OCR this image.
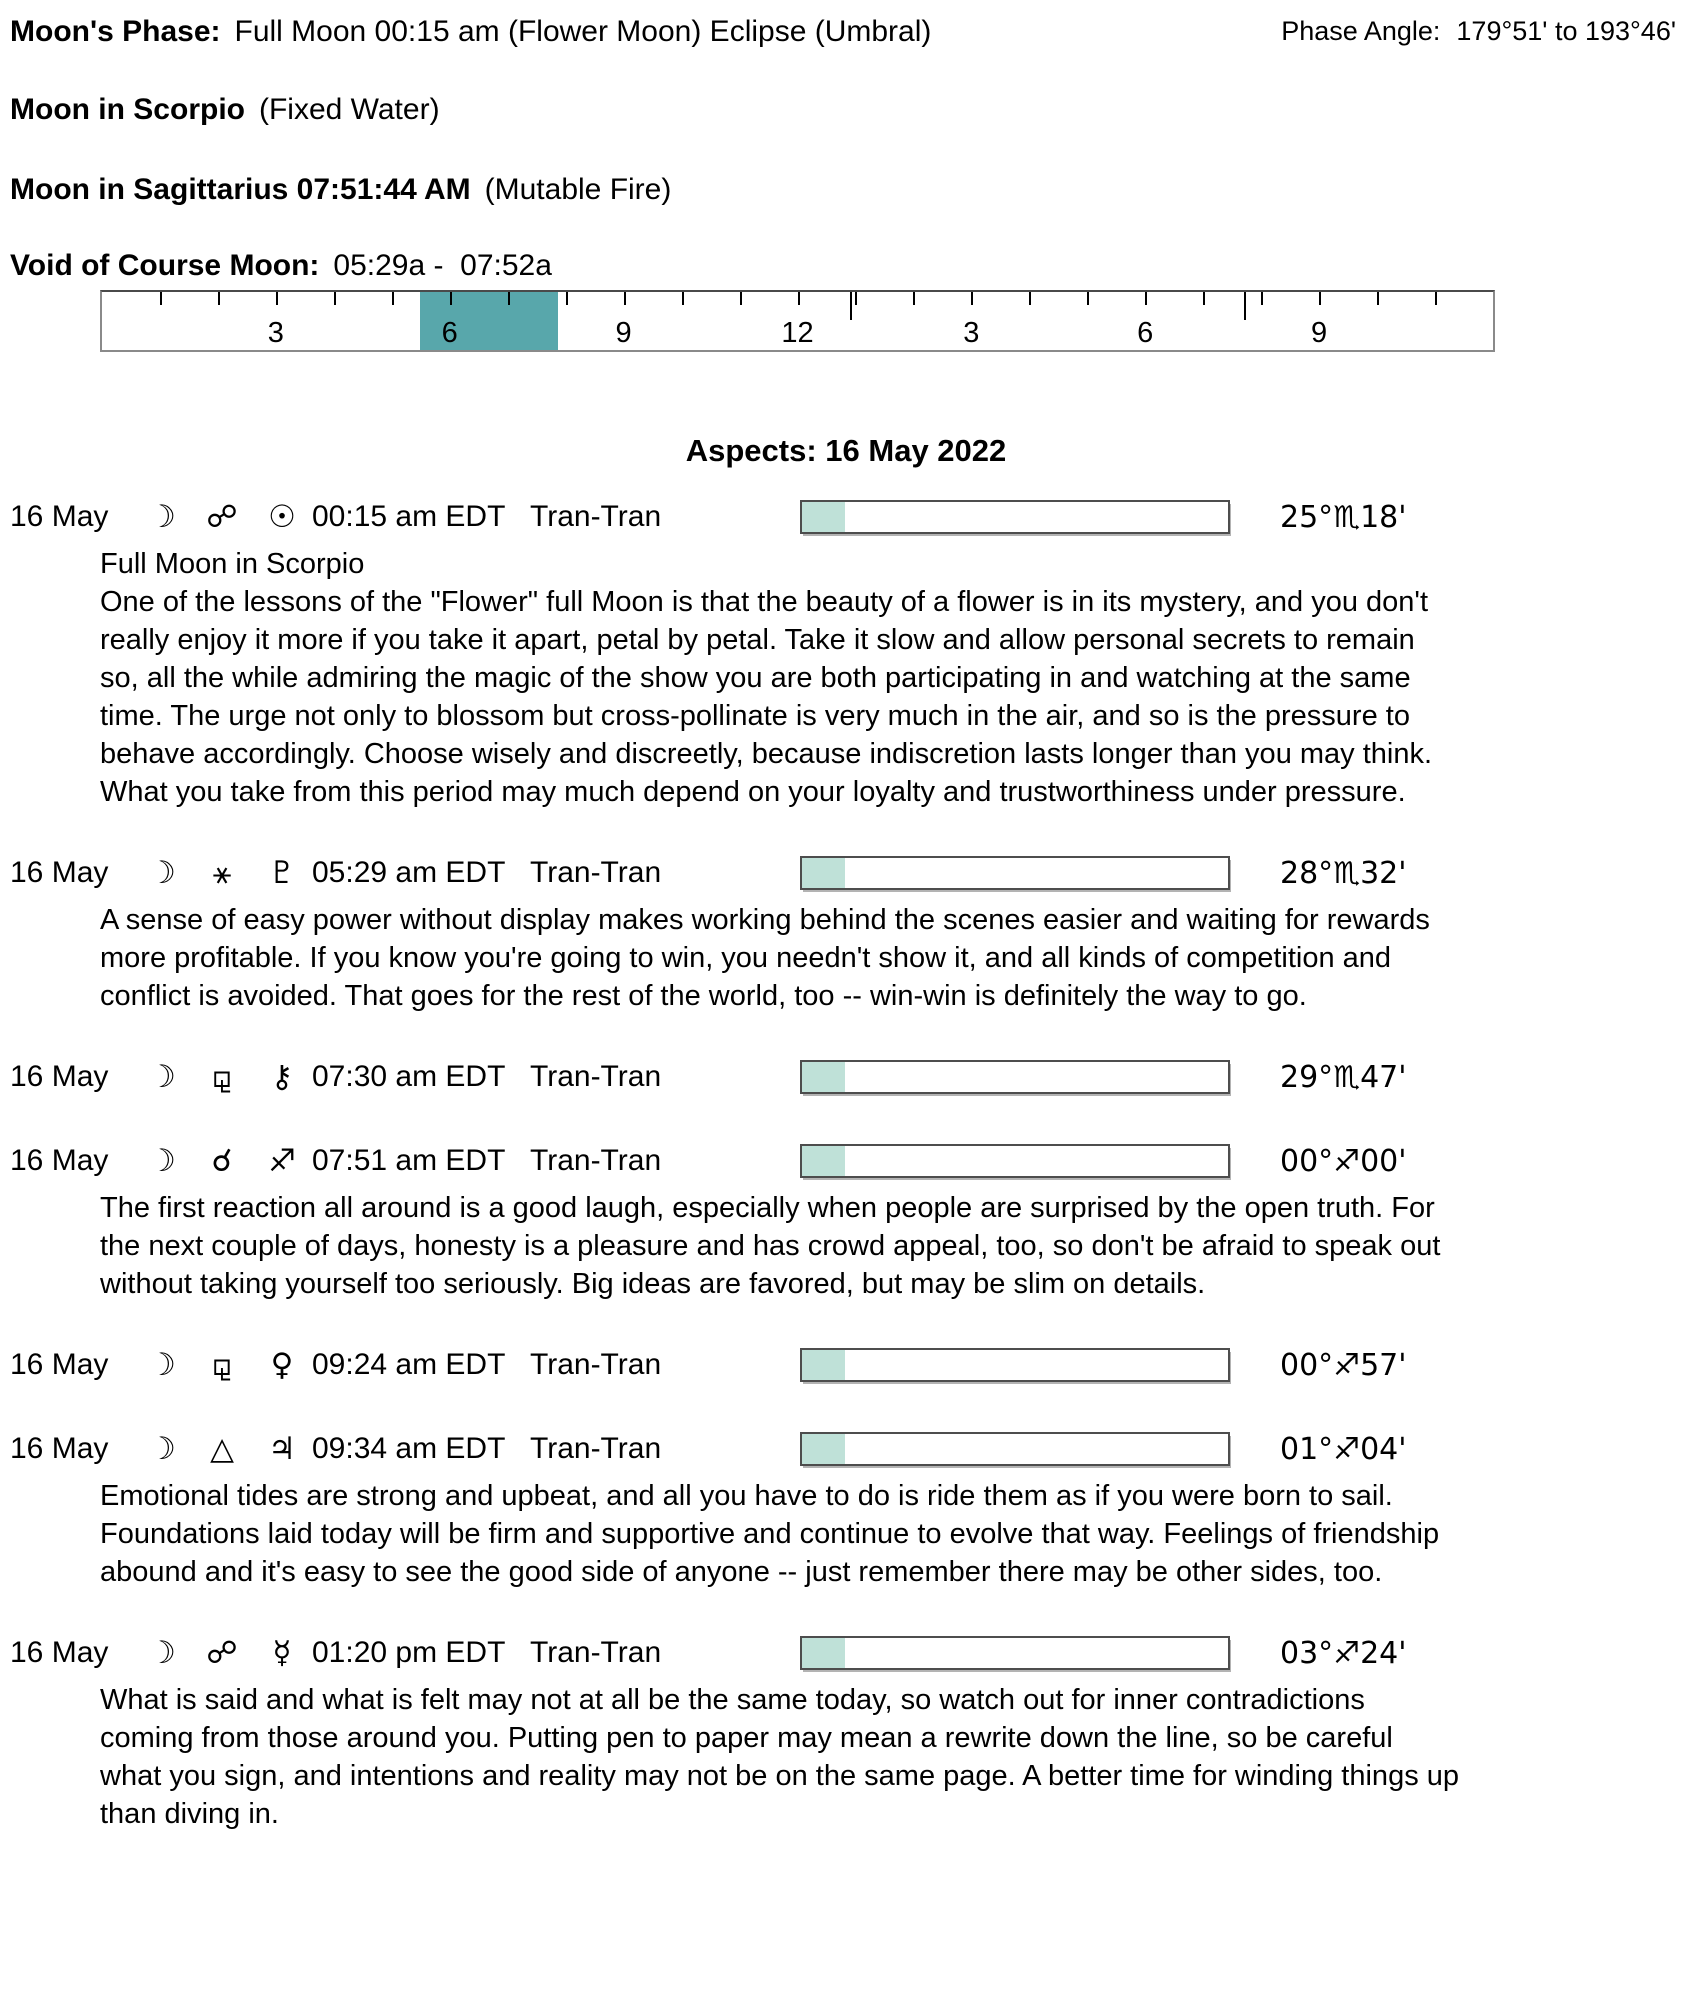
Moon's Phase: Full Moon 00:15 am (Flower Moon) Eclipse (Umbral)	Phase Angle: 179°51' to 193°46'
Moon in Scorpio (Fixed Water)
Moon in Sagittarius 07:51:44 AM (Mutable Fire)
Void of Course Moon: 05:29a -  07:52a
3	6	9	12	3	6	9
Aspects: 16 May 2022
16 May	☽ ☍ ☉ 00:15 am EDT Tran-Tran	25°♏18'
Full Moon in Scorpio
One of the lessons of the "Flower" full Moon is that the beauty of a flower is in its mystery, and you don't really enjoy it more if you take it apart, petal by petal. Take it slow and allow personal secrets to remain so, all the while admiring the magic of the show you are both participating in and watching at the same time. The urge not only to blossom but cross-pollinate is very much in the air, and so is the pressure to behave accordingly. Choose wisely and discreetly, because indiscretion lasts longer than you may think. What you take from this period may much depend on your loyalty and trustworthiness under pressure.
16 May	☽	⚹	♇ 05:29 am EDT Tran-Tran	28°♏32'
A sense of easy power without display makes working behind the scenes easier and waiting for rewards more profitable. If you know you're going to win, you needn't show it, and all kinds of competition and conflict is avoided. That goes for the rest of the world, too -- win-win is definitely the way to go.
16 May	☽	⚼	⚷ 07:30 am EDT Tran-Tran	29°♏47'
16 May	☽	☌	♐ 07:51 am EDT Tran-Tran	00°♐00'
The first reaction all around is a good laugh, especially when people are surprised by the open truth. For the next couple of days, honesty is a pleasure and has crowd appeal, too, so don't be afraid to speak out without taking yourself too seriously. Big ideas are favored, but may be slim on details.
16 May	☽	⚼	♀ 09:24 am EDT Tran-Tran	00°♐57'
16 May	☽	△	♃ 09:34 am EDT Tran-Tran	01°♐04'
Emotional tides are strong and upbeat, and all you have to do is ride them as if you were born to sail. Foundations laid today will be firm and supportive and continue to evolve that way. Feelings of friendship abound and it's easy to see the good side of anyone -- just remember there may be other sides, too.
16 May	☽ ☍	☿ 01:20 pm EDT Tran-Tran	03°♐24'
What is said and what is felt may not at all be the same today, so watch out for inner contradictions coming from those around you. Putting pen to paper may mean a rewrite down the line, so be careful what you sign, and intentions and reality may not be on the same page. A better time for winding things up than diving in.
